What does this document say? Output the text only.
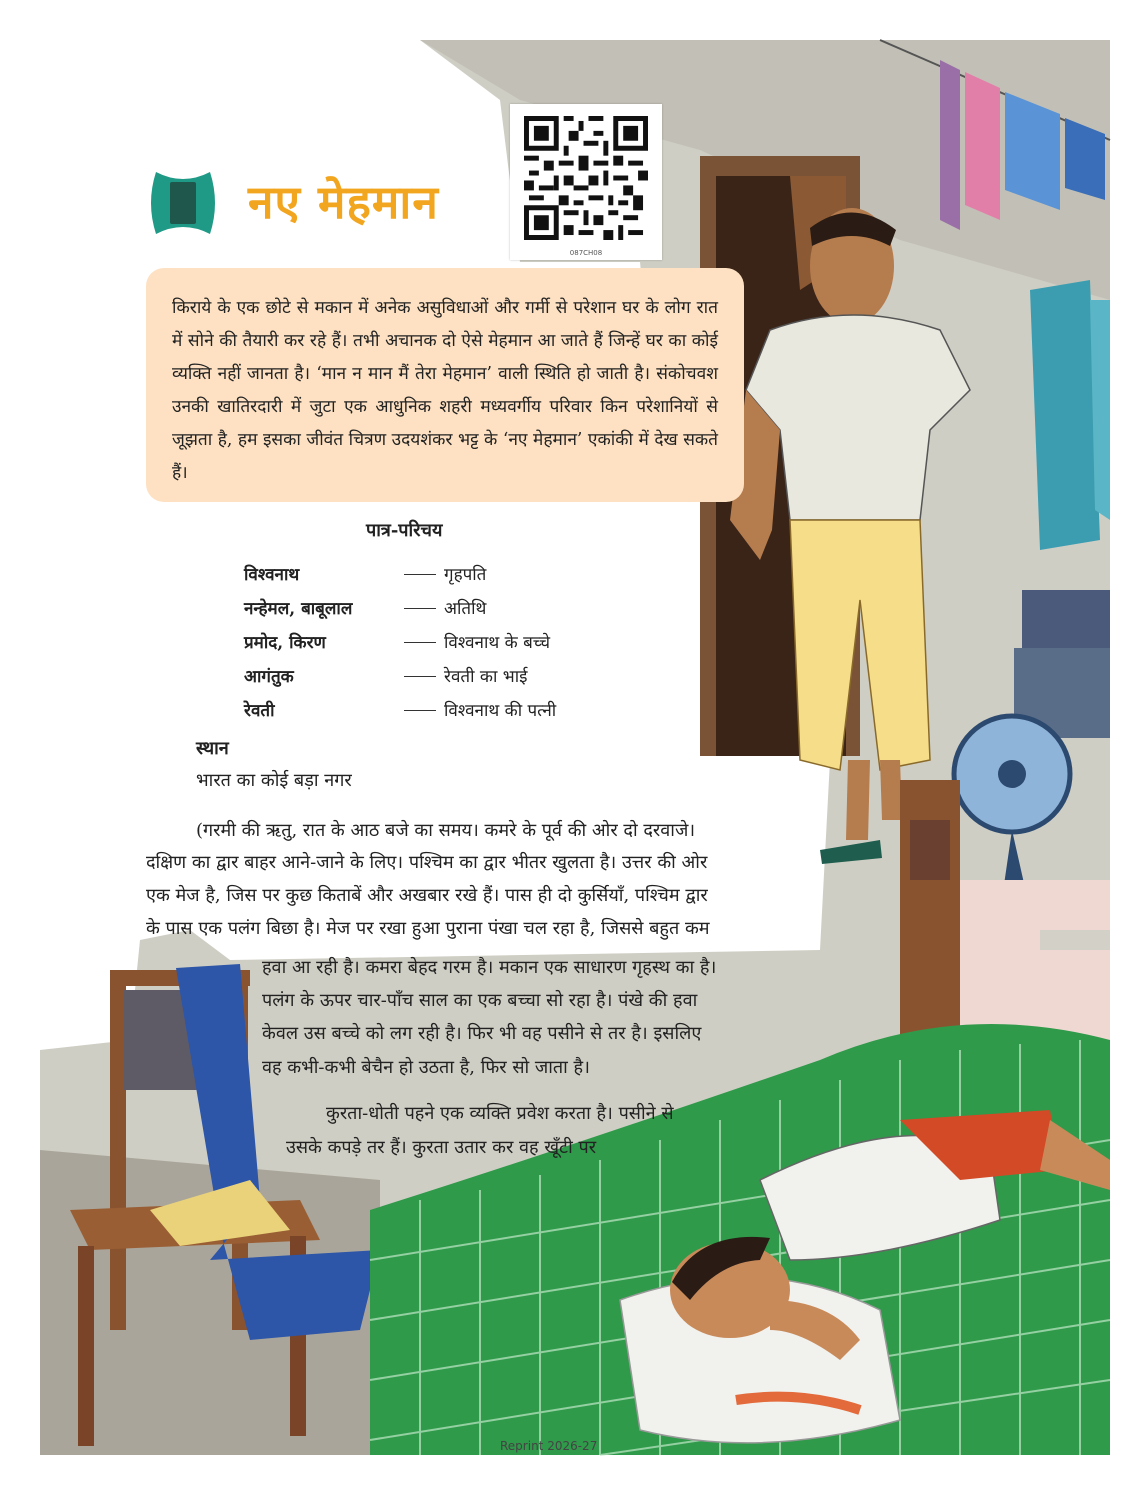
नए मेहमान
087CH08

किराये के एक छोटे से मकान में अनेक असुविधाओं और गर्मी से परेशान घर के लोग रात में सोने की तैयारी कर रहे हैं। तभी अचानक दो ऐसे मेहमान आ जाते हैं जिन्हें घर का कोई व्यक्ति नहीं जानता है। ‘मान न मान मैं तेरा मेहमान’ वाली स्थिति हो जाती है। संकोचवश उनकी खातिरदारी में जुटा एक आधुनिक शहरी मध्यवर्गीय परिवार किन परेशानियों से जूझता है, हम इसका जीवंत चित्रण उदयशंकर भट्ट के ‘नए मेहमान’ एकांकी में देख सकते हैं।

पात्र-परिचय
विश्वनाथ	गृहपति
नन्हेमल, बाबूलाल	अतिथि
प्रमोद, किरण	विश्वनाथ के बच्चे
आगंतुक	रेवती का भाई
रेवती	विश्वनाथ की पत्नी
स्थान
भारत का कोई बड़ा नगर
(गरमी की ऋतु, रात के आठ बजे का समय। कमरे के पूर्व की ओर दो दरवाजे।
दक्षिण का द्वार बाहर आने-जाने के लिए। पश्चिम का द्वार भीतर खुलता है। उत्तर की ओर
एक मेज है, जिस पर कुछ किताबें और अखबार रखे हैं। पास ही दो कुर्सियाँ, पश्चिम द्वार
के पास एक पलंग बिछा है। मेज पर रखा हुआ पुराना पंखा चल रहा है, जिससे बहुत कम
हवा आ रही है। कमरा बेहद गरम है। मकान एक साधारण गृहस्थ का है।
पलंग के ऊपर चार-पाँच साल का एक बच्चा सो रहा है। पंखे की हवा
केवल उस बच्चे को लग रही है। फिर भी वह पसीने से तर है। इसलिए
वह कभी-कभी बेचैन हो उठता है, फिर सो जाता है।
कुरता-धोती पहने एक व्यक्ति प्रवेश करता है। पसीने से
उसके कपड़े तर हैं। कुरता उतार कर वह खूँटी पर
Reprint 2026-27
